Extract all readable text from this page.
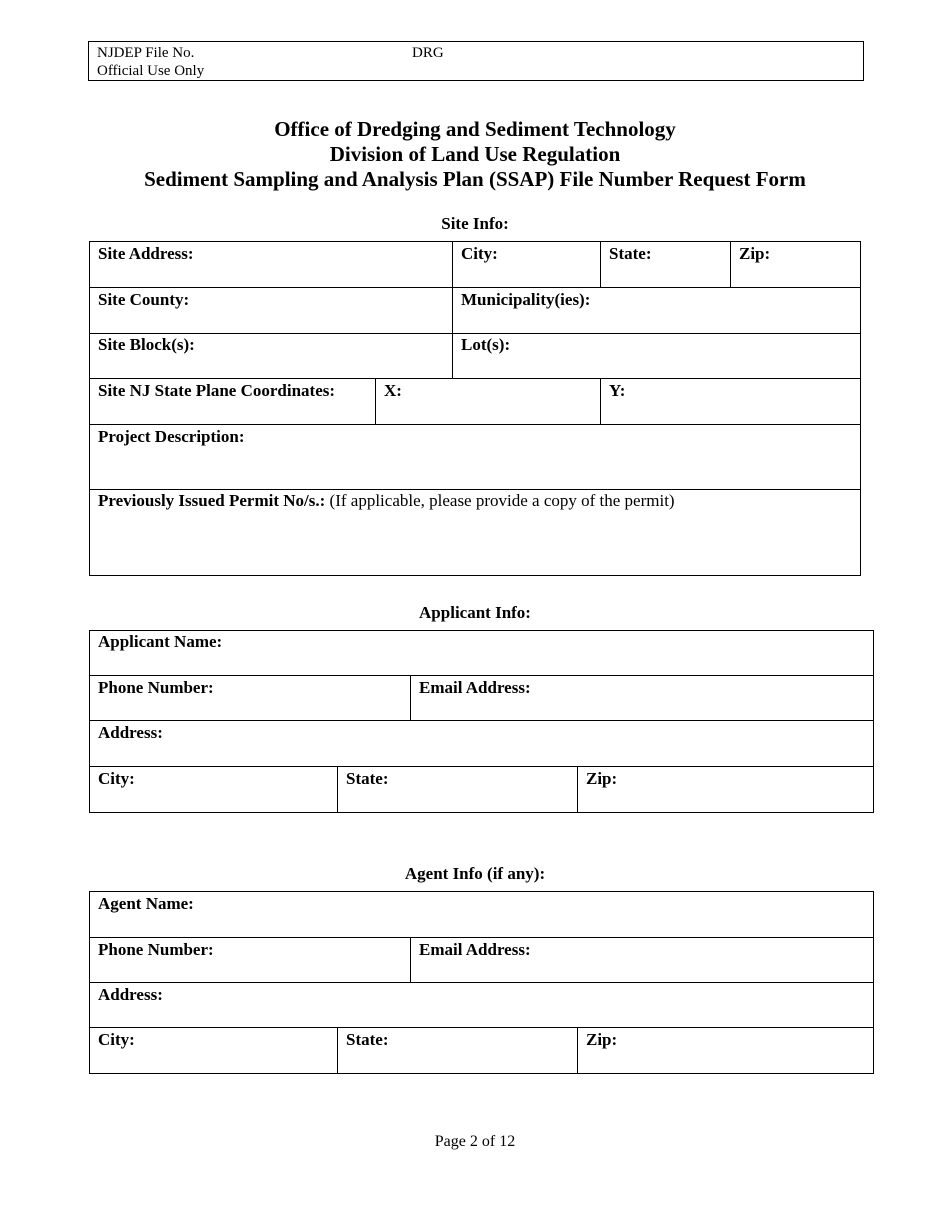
NJDEP File No.
Official Use Only
DRG
Office of Dredging and Sediment Technology
Division of Land Use Regulation
Sediment Sampling and Analysis Plan (SSAP) File Number Request Form
Site Info:
Site Address:	City:	State:	Zip:
Site County:	Municipality(ies):
Site Block(s):	Lot(s):
Site NJ State Plane Coordinates:	X:	Y:
Project Description:
Previously Issued Permit No/s.: (If applicable, please provide a copy of the permit)
Applicant Info:
Applicant Name:
Phone Number:	Email Address:
Address:
City:	State:	Zip:
Agent Info (if any):
Agent Name:
Phone Number:	Email Address:
Address:
City:	State:	Zip:
Page 2 of 12
